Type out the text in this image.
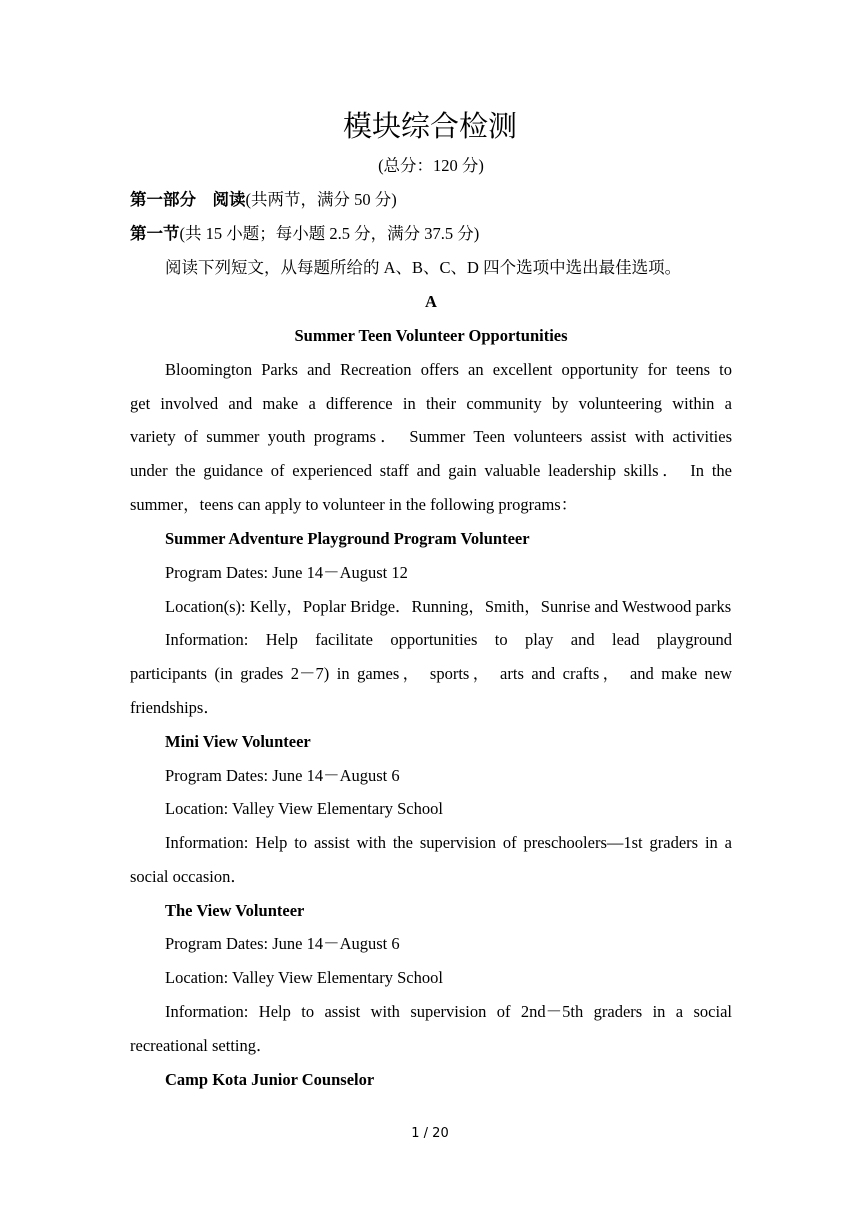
模块综合检测
(总分：120 分)
第一部分　阅读(共两节，满分 50 分)
第一节(共 15 小题；每小题 2.5 分，满分 37.5 分)
阅读下列短文，从每题所给的 A、B、C、D 四个选项中选出最佳选项。
A
Summer Teen Volunteer Opportunities
Bloomington Parks and Recreation offers an excellent opportunity for teens to
get involved and make a difference in their community by volunteering within a
variety of summer youth programs． Summer Teen volunteers assist with activities
under the guidance of experienced staff and gain valuable leadership skills． In the
summer，teens can apply to volunteer in the following programs：
Summer Adventure Playground Program Volunteer
Program Dates: June 14－August 12
Location(s): Kelly，Poplar Bridge．Running，Smith，Sunrise and Westwood parks
Information: Help facilitate opportunities to play and lead playground
participants (in grades 2－7) in games， sports， arts and crafts， and make new
friendships．
Mini View Volunteer
Program Dates: June 14－August 6
Location: Valley View Elementary School
Information: Help to assist with the supervision of preschoolers—1st graders in a
social occasion．
The View Volunteer
Program Dates: June 14－August 6
Location: Valley View Elementary School
Information: Help to assist with supervision of 2nd－5th graders in a social
recreational setting．
Camp Kota Junior Counselor
1 / 20
